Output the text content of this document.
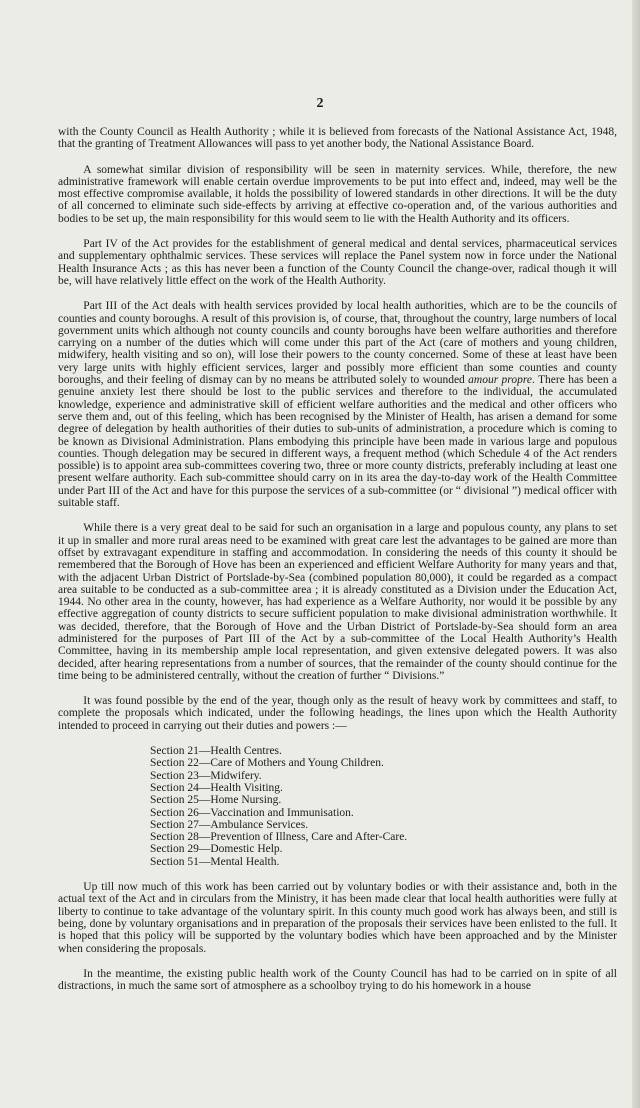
2

with the County Council as Health Authority ; while it is believed from forecasts of the National Assistance Act, 1948, that the granting of Treatment Allowances will pass to yet another body, the National Assistance Board.

A somewhat similar division of responsibility will be seen in maternity services. While, therefore, the new administrative framework will enable certain overdue improvements to be put into effect and, indeed, may well be the most effective compromise available, it holds the possibility of lowered standards in other directions. It will be the duty of all concerned to eliminate such side-effects by arriving at effective co-operation and, of the various authorities and bodies to be set up, the main responsibility for this would seem to lie with the Health Authority and its officers.

Part IV of the Act provides for the establishment of general medical and dental services, pharmaceutical services and supplementary ophthalmic services. These services will replace the Panel system now in force under the National Health Insurance Acts ; as this has never been a function of the County Council the change-over, radical though it will be, will have relatively little effect on the work of the Health Authority.

Part III of the Act deals with health services provided by local health authorities, which are to be the councils of counties and county boroughs. A result of this provision is, of course, that, throughout the country, large numbers of local government units which although not county councils and county boroughs have been welfare authorities and therefore carrying on a number of the duties which will come under this part of the Act (care of mothers and young children, midwifery, health visiting and so on), will lose their powers to the county concerned. Some of these at least have been very large units with highly efficient services, larger and possibly more efficient than some counties and county boroughs, and their feeling of dismay can by no means be attributed solely to wounded amour propre. There has been a genuine anxiety lest there should be lost to the public services and therefore to the individual, the accumulated knowledge, experience and administrative skill of efficient welfare authorities and the medical and other officers who serve them and, out of this feeling, which has been recognised by the Minister of Health, has arisen a demand for some degree of delegation by health authorities of their duties to sub-units of administration, a procedure which is coming to be known as Divisional Administration. Plans embodying this principle have been made in various large and populous counties. Though delegation may be secured in different ways, a frequent method (which Schedule 4 of the Act renders possible) is to appoint area sub-committees covering two, three or more county districts, preferably including at least one present welfare authority. Each sub-committee should carry on in its area the day-to-day work of the Health Committee under Part III of the Act and have for this purpose the services of a sub-committee (or “ divisional ”) medical officer with suitable staff.

While there is a very great deal to be said for such an organisation in a large and populous county, any plans to set it up in smaller and more rural areas need to be examined with great care lest the advantages to be gained are more than offset by extravagant expenditure in staffing and accommodation. In considering the needs of this county it should be remembered that the Borough of Hove has been an experienced and efficient Welfare Authority for many years and that, with the adjacent Urban District of Portslade-by-Sea (combined population 80,000), it could be regarded as a compact area suitable to be conducted as a sub-committee area ; it is already constituted as a Division under the Education Act, 1944. No other area in the county, however, has had experience as a Welfare Authority, nor would it be possible by any effective aggregation of county districts to secure sufficient population to make divisional administration worthwhile. It was decided, therefore, that the Borough of Hove and the Urban District of Portslade-by-Sea should form an area administered for the purposes of Part III of the Act by a sub-committee of the Local Health Authority’s Health Committee, having in its membership ample local representation, and given extensive delegated powers. It was also decided, after hearing representations from a number of sources, that the remainder of the county should continue for the time being to be administered centrally, without the creation of further “ Divisions.”

It was found possible by the end of the year, though only as the result of heavy work by committees and staff, to complete the proposals which indicated, under the following headings, the lines upon which the Health Authority intended to proceed in carrying out their duties and powers :—

Section 21—Health Centres.
Section 22—Care of Mothers and Young Children.
Section 23—Midwifery.
Section 24—Health Visiting.
Section 25—Home Nursing.
Section 26—Vaccination and Immunisation.
Section 27—Ambulance Services.
Section 28—Prevention of Illness, Care and After-Care.
Section 29—Domestic Help.
Section 51—Mental Health.

Up till now much of this work has been carried out by voluntary bodies or with their assistance and, both in the actual text of the Act and in circulars from the Ministry, it has been made clear that local health authorities were fully at liberty to continue to take advantage of the voluntary spirit. In this county much good work has always been, and still is being, done by voluntary organisations and in preparation of the proposals their services have been enlisted to the full. It is hoped that this policy will be supported by the voluntary bodies which have been approached and by the Minister when considering the proposals.

In the meantime, the existing public health work of the County Council has had to be carried on in spite of all distractions, in much the same sort of atmosphere as a schoolboy trying to do his homework in a house
